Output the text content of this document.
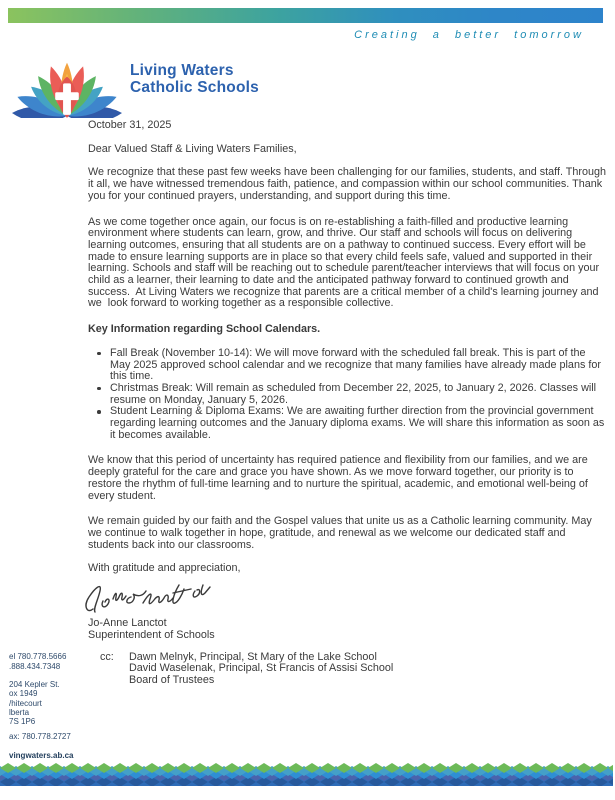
Creating a better tomorrow
Living Waters
Catholic Schools
October 31, 2025
Dear Valued Staff & Living Waters Families,
We recognize that these past few weeks have been challenging for our families, students, and staff. Through
it all, we have witnessed tremendous faith, patience, and compassion within our school communities. Thank
you for your continued prayers, understanding, and support during this time.
As we come together once again, our focus is on re-establishing a faith-filled and productive learning
environment where students can learn, grow, and thrive. Our staff and schools will focus on delivering
learning outcomes, ensuring that all students are on a pathway to continued success. Every effort will be
made to ensure learning supports are in place so that every child feels safe, valued and supported in their
learning. Schools and staff will be reaching out to schedule parent/teacher interviews that will focus on your
child as a learner, their learning to date and the anticipated pathway forward to continued growth and
success.  At Living Waters we recognize that parents are a critical member of a child's learning journey and
we  look forward to working together as a responsible collective.
Key Information regarding School Calendars.
Fall Break (November 10-14): We will move forward with the scheduled fall break. This is part of the
May 2025 approved school calendar and we recognize that many families have already made plans for
this time.
Christmas Break: Will remain as scheduled from December 22, 2025, to January 2, 2026. Classes will
resume on Monday, January 5, 2026.
Student Learning & Diploma Exams: We are awaiting further direction from the provincial government
regarding learning outcomes and the January diploma exams. We will share this information as soon as
it becomes available.
We know that this period of uncertainty has required patience and flexibility from our families, and we are
deeply grateful for the care and grace you have shown. As we move forward together, our priority is to
restore the rhythm of full-time learning and to nurture the spiritual, academic, and emotional well-being of
every student.
We remain guided by our faith and the Gospel values that unite us as a Catholic learning community. May
we continue to walk together in hope, gratitude, and renewal as we welcome our dedicated staff and
students back into our classrooms.
With gratitude and appreciation,
Jo-Anne Lanctot
Superintendent of Schools
cc:	Dawn Melnyk, Principal, St Mary of the Lake School
David Waselenak, Principal, St Francis of Assisi School
Board of Trustees
el 780.778.5666
.888.434.7348
204 Kepler St.
ox 1949
/hitecourt
lberta
7S 1P6
ax: 780.778.2727
vingwaters.ab.ca
